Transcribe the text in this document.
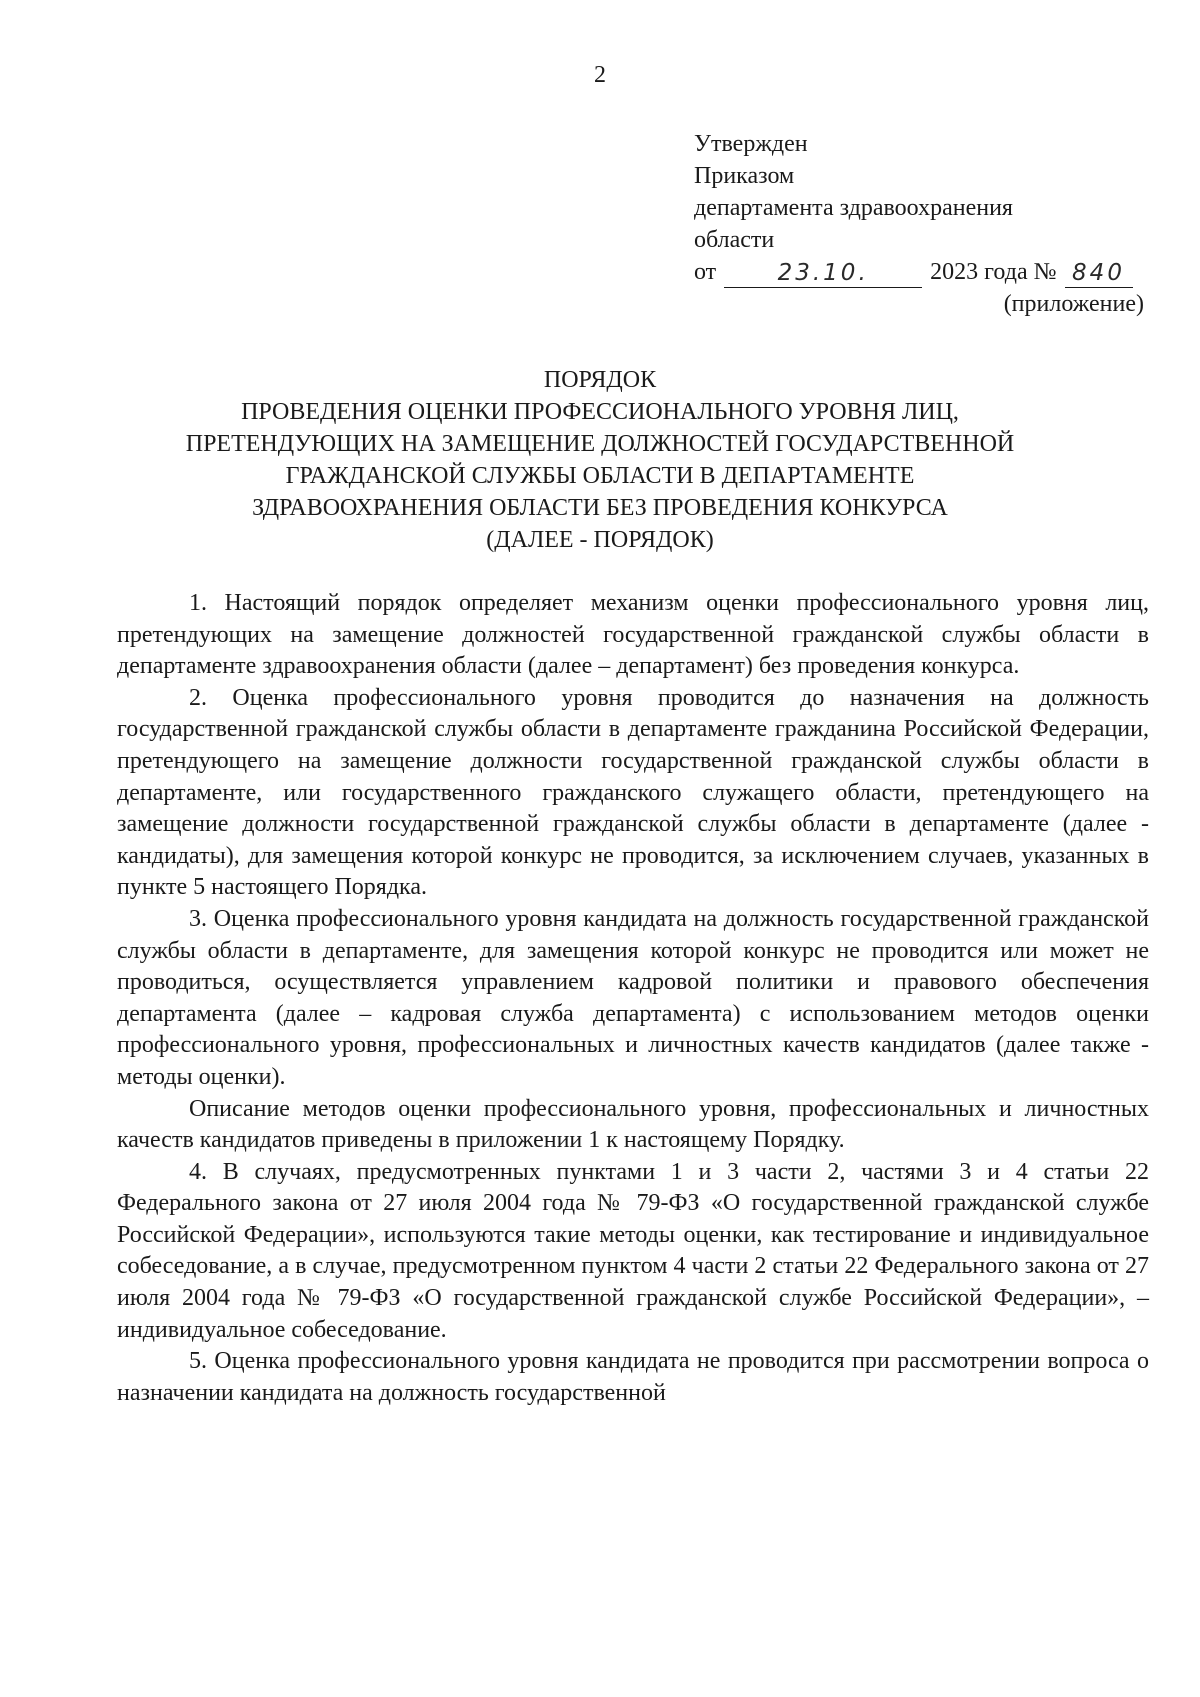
2
Утвержден
Приказом
департамента здравоохранения
области
от	23.10.	2023 года № 840
(приложение)
ПОРЯДОК
ПРОВЕДЕНИЯ ОЦЕНКИ ПРОФЕССИОНАЛЬНОГО УРОВНЯ ЛИЦ,
ПРЕТЕНДУЮЩИХ НА ЗАМЕЩЕНИЕ ДОЛЖНОСТЕЙ ГОСУДАРСТВЕННОЙ
ГРАЖДАНСКОЙ СЛУЖБЫ ОБЛАСТИ В ДЕПАРТАМЕНТЕ
ЗДРАВООХРАНЕНИЯ ОБЛАСТИ БЕЗ ПРОВЕДЕНИЯ КОНКУРСА
(ДАЛЕЕ - ПОРЯДОК)

1. Настоящий порядок определяет механизм оценки профессионального уровня лиц, претендующих на замещение должностей государственной гражданской службы области в департаменте здравоохранения области (далее – департамент) без проведения конкурса.

2. Оценка профессионального уровня проводится до назначения на должность государственной гражданской службы области в департаменте гражданина Российской Федерации, претендующего на замещение должности государственной гражданской службы области в департаменте, или государственного гражданского служащего области, претендующего на замещение должности государственной гражданской службы области в департаменте (далее - кандидаты), для замещения которой конкурс не проводится, за исключением случаев, указанных в пункте 5 настоящего Порядка.

3. Оценка профессионального уровня кандидата на должность государственной гражданской службы области в департаменте, для замещения которой конкурс не проводится или может не проводиться, осуществляется управлением кадровой политики и правового обеспечения департамента (далее – кадровая служба департамента) с использованием методов оценки профессионального уровня, профессиональных и личностных качеств кандидатов (далее также - методы оценки).

Описание методов оценки профессионального уровня, профессиональных и личностных качеств кандидатов приведены в приложении 1 к настоящему Порядку.

4. В случаях, предусмотренных пунктами 1 и 3 части 2, частями 3 и 4 статьи 22 Федерального закона от 27 июля 2004 года № 79-ФЗ «О государственной гражданской службе Российской Федерации», используются такие методы оценки, как тестирование и индивидуальное собеседование, а в случае, предусмотренном пунктом 4 части 2 статьи 22 Федерального закона от 27 июля 2004 года № 79-ФЗ «О государственной гражданской службе Российской Федерации», – индивидуальное собеседование.

5. Оценка профессионального уровня кандидата не проводится при рассмотрении вопроса о назначении кандидата на должность государственной
